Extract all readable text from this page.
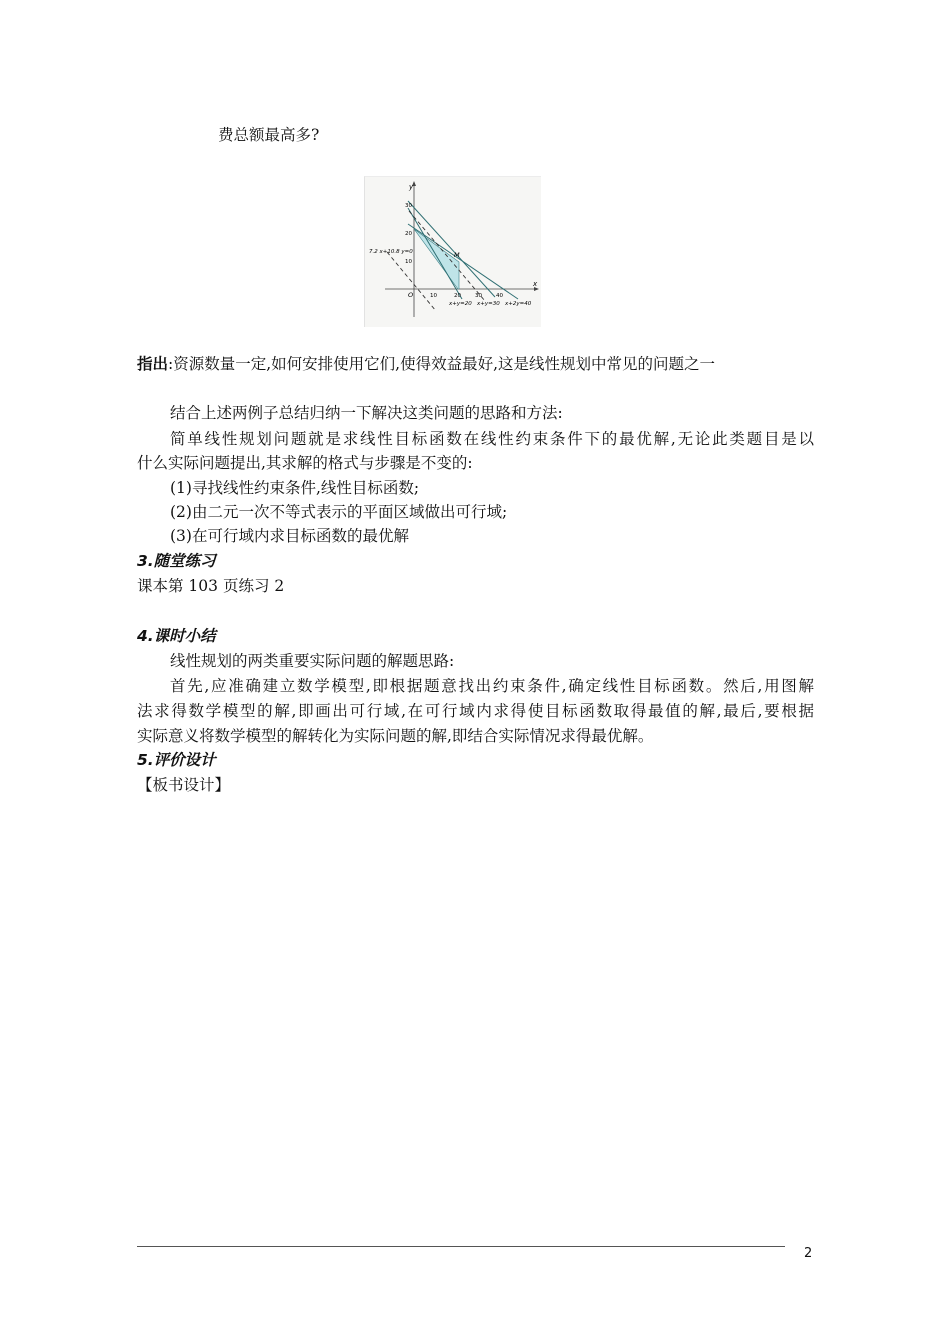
费总额最高多?
y
x
O
M
30
20
10
10	20	30	40
7.2 x+10.8 y=0
x+y=20 x+y=30 x+2y=40
指出:资源数量一定,如何安排使用它们,使得效益最好,这是线性规划中常见的问题之一
结合上述两例子总结归纳一下解决这类问题的思路和方法:
简单线性规划问题就是求线性目标函数在线性约束条件下的最优解,无论此类题目是以
什么实际问题提出,其求解的格式与步骤是不变的:
(1)寻找线性约束条件,线性目标函数;
(2)由二元一次不等式表示的平面区域做出可行域;
(3)在可行域内求目标函数的最优解
3.随堂练习
课本第 103 页练习 2
4.课时小结
线性规划的两类重要实际问题的解题思路:
首先,应准确建立数学模型,即根据题意找出约束条件,确定线性目标函数。然后,用图解
法求得数学模型的解,即画出可行域,在可行域内求得使目标函数取得最值的解,最后,要根据
实际意义将数学模型的解转化为实际问题的解,即结合实际情况求得最优解。
5.评价设计
【板书设计】
2
